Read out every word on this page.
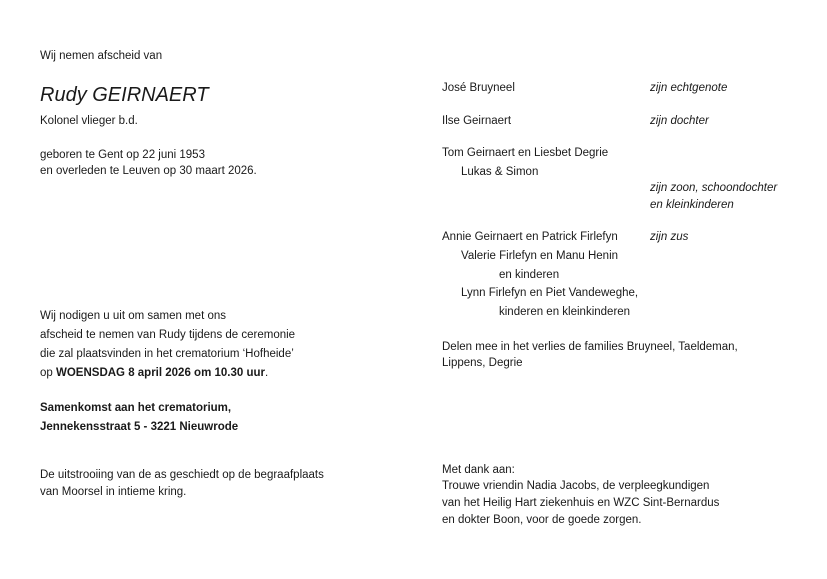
Wij nemen afscheid van
Rudy GEIRNAERT
Kolonel vlieger b.d.
geboren te Gent op 22 juni 1953
en overleden te Leuven op 30 maart 2026.
Wij nodigen u uit om samen met ons
afscheid te nemen van Rudy tijdens de ceremonie
die zal plaatsvinden in het crematorium ‘Hofheide’
op WOENSDAG 8 april 2026 om 10.30 uur.
Samenkomst aan het crematorium,
Jennekensstraat 5 - 3221 Nieuwrode
De uitstrooiing van de as geschiedt op de begraafplaats
van Moorsel in intieme kring.
José Bruyneel	zijn echtgenote
Ilse Geirnaert	zijn dochter
Tom Geirnaert en Liesbet Degrie
Lukas & Simon
zijn zoon, schoondochter
en kleinkinderen
Annie Geirnaert en Patrick Firlefyn	zijn zus
Valerie Firlefyn en Manu Henin
en kinderen
Lynn Firlefyn en Piet Vandeweghe,
kinderen en kleinkinderen
Delen mee in het verlies de families Bruyneel, Taeldeman,
Lippens, Degrie
Met dank aan:
Trouwe vriendin Nadia Jacobs, de verpleegkundigen
van het Heilig Hart ziekenhuis en WZC Sint-Bernardus
en dokter Boon, voor de goede zorgen.
